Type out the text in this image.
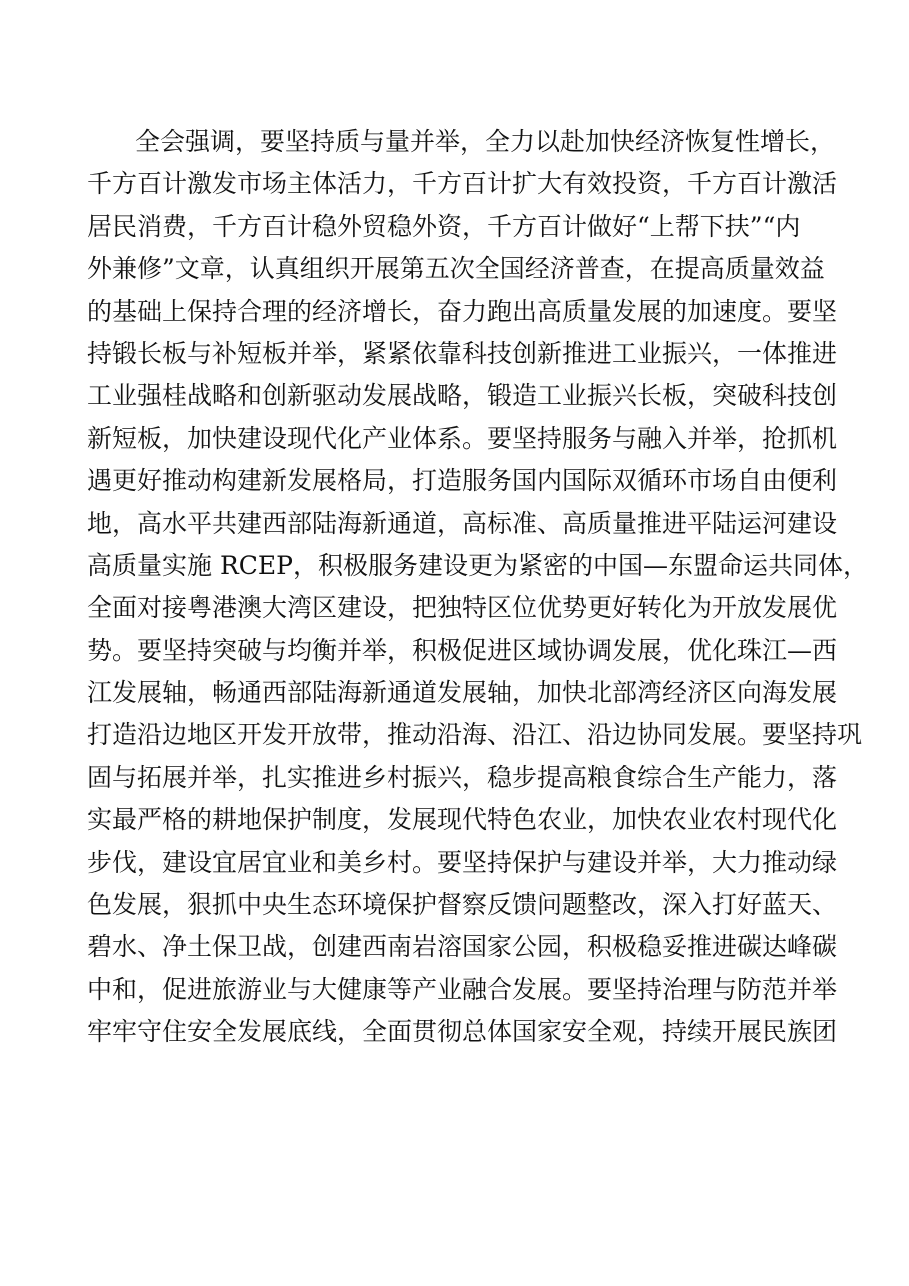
全会强调，要坚持质与量并举，全力以赴加快经济恢复性增长，
千方百计激发市场主体活力，千方百计扩大有效投资，千方百计激活
居民消费，千方百计稳外贸稳外资，千方百计做好“上帮下扶”“内
外兼修”文章，认真组织开展第五次全国经济普查，在提高质量效益
的基础上保持合理的经济增长，奋力跑出高质量发展的加速度。要坚
持锻长板与补短板并举，紧紧依靠科技创新推进工业振兴，一体推进
工业强桂战略和创新驱动发展战略，锻造工业振兴长板，突破科技创
新短板，加快建设现代化产业体系。要坚持服务与融入并举，抢抓机
遇更好推动构建新发展格局，打造服务国内国际双循环市场自由便利
地，高水平共建西部陆海新通道，高标准、高质量推进平陆运河建设
高质量实施 RCEP，积极服务建设更为紧密的中国—东盟命运共同体，
全面对接粤港澳大湾区建设，把独特区位优势更好转化为开放发展优
势。要坚持突破与均衡并举，积极促进区域协调发展，优化珠江—西
江发展轴，畅通西部陆海新通道发展轴，加快北部湾经济区向海发展
打造沿边地区开发开放带，推动沿海、沿江、沿边协同发展。要坚持巩
固与拓展并举，扎实推进乡村振兴，稳步提高粮食综合生产能力，落
实最严格的耕地保护制度，发展现代特色农业，加快农业农村现代化
步伐，建设宜居宜业和美乡村。要坚持保护与建设并举，大力推动绿
色发展，狠抓中央生态环境保护督察反馈问题整改，深入打好蓝天、
碧水、净土保卫战，创建西南岩溶国家公园，积极稳妥推进碳达峰碳
中和，促进旅游业与大健康等产业融合发展。要坚持治理与防范并举
牢牢守住安全发展底线，全面贯彻总体国家安全观，持续开展民族团
